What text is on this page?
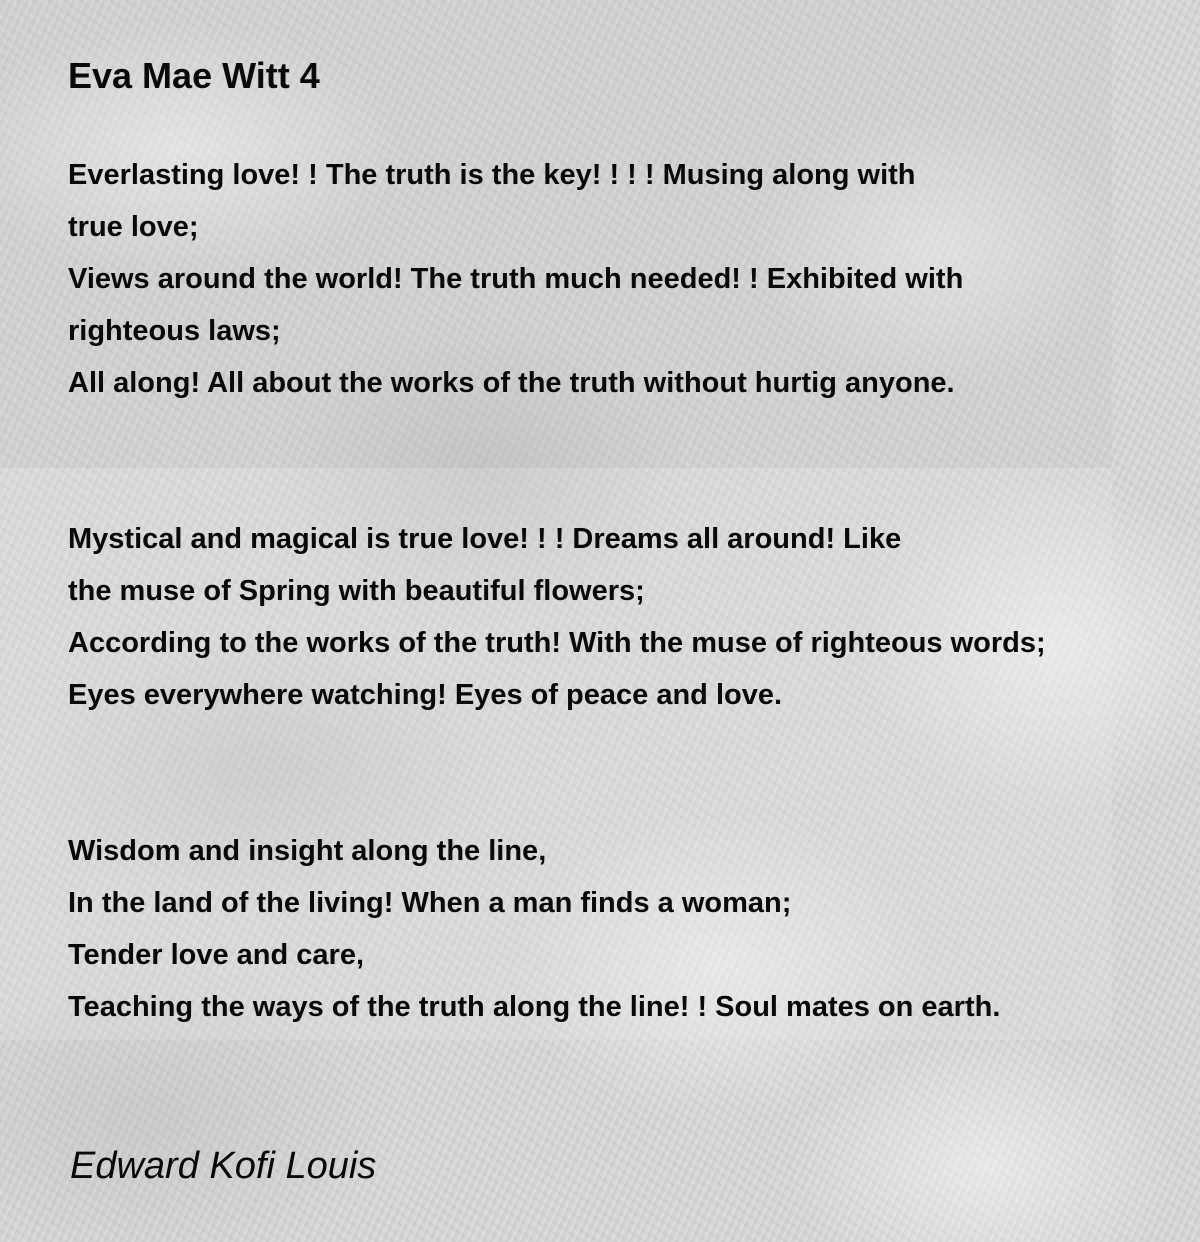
Eva Mae Witt 4
Everlasting love! ! The truth is the key! ! ! ! Musing along with
true love;
Views around the world! The truth much needed! ! Exhibited with
righteous laws;
All along! All about the works of the truth without hurtig anyone.
Mystical and magical is true love! ! ! Dreams all around! Like
the muse of Spring with beautiful flowers;
According to the works of the truth! With the muse of righteous words;
Eyes everywhere watching! Eyes of peace and love.
Wisdom and insight along the line,
In the land of the living! When a man finds a woman;
Tender love and care,
Teaching the ways of the truth along the line! ! Soul mates on earth.

Edward Kofi Louis
